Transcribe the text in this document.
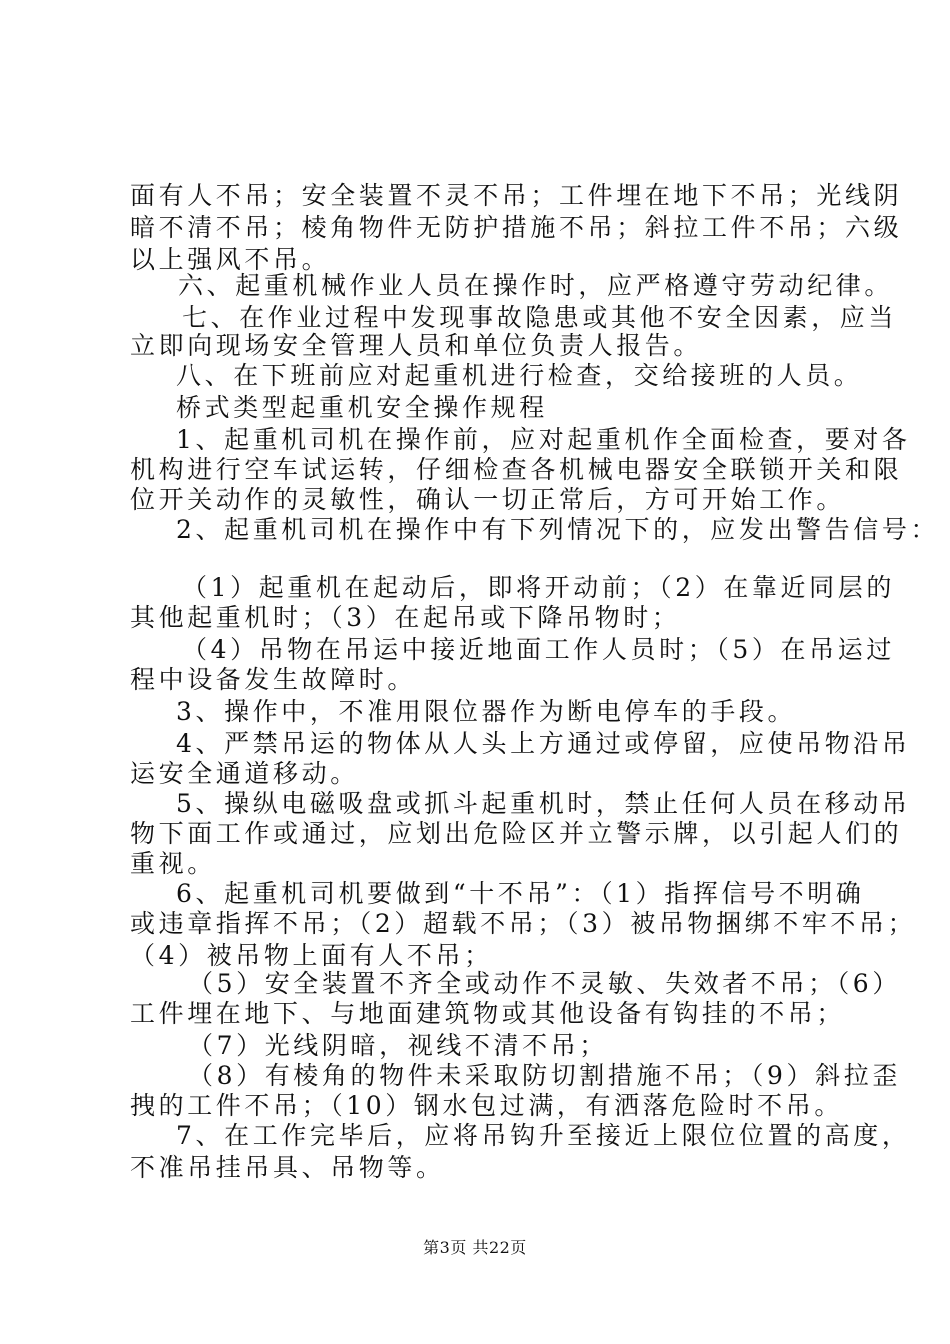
面有人不吊；安全装置不灵不吊；工件埋在地下不吊；光线阴
暗不清不吊；棱角物件无防护措施不吊；斜拉工件不吊；六级
以上强风不吊。
六、起重机械作业人员在操作时，应严格遵守劳动纪律。
七、在作业过程中发现事故隐患或其他不安全因素，应当
立即向现场安全管理人员和单位负责人报告。
八、在下班前应对起重机进行检查，交给接班的人员。
桥式类型起重机安全操作规程
1、起重机司机在操作前，应对起重机作全面检查，要对各
机构进行空车试运转，仔细检查各机械电器安全联锁开关和限
位开关动作的灵敏性，确认一切正常后，方可开始工作。
2、起重机司机在操作中有下列情况下的，应发出警告信号：
（1）起重机在起动后，即将开动前；（2）在靠近同层的
其他起重机时；（3）在起吊或下降吊物时；
（4）吊物在吊运中接近地面工作人员时；（5）在吊运过
程中设备发生故障时。
3、操作中，不准用限位器作为断电停车的手段。
4、严禁吊运的物体从人头上方通过或停留，应使吊物沿吊
运安全通道移动。
5、操纵电磁吸盘或抓斗起重机时，禁止任何人员在移动吊
物下面工作或通过，应划出危险区并立警示牌，以引起人们的
重视。
6、起重机司机要做到“十不吊”：（1）指挥信号不明确
或违章指挥不吊；（2）超载不吊；（3）被吊物捆绑不牢不吊；
（4）被吊物上面有人不吊；
（5）安全装置不齐全或动作不灵敏、失效者不吊；（6）
工件埋在地下、与地面建筑物或其他设备有钩挂的不吊；
（7）光线阴暗，视线不清不吊；
（8）有棱角的物件未采取防切割措施不吊；（9）斜拉歪
拽的工件不吊；（10）钢水包过满，有洒落危险时不吊。
7、在工作完毕后，应将吊钩升至接近上限位位置的高度，
不准吊挂吊具、吊物等。
第3页 共22页
